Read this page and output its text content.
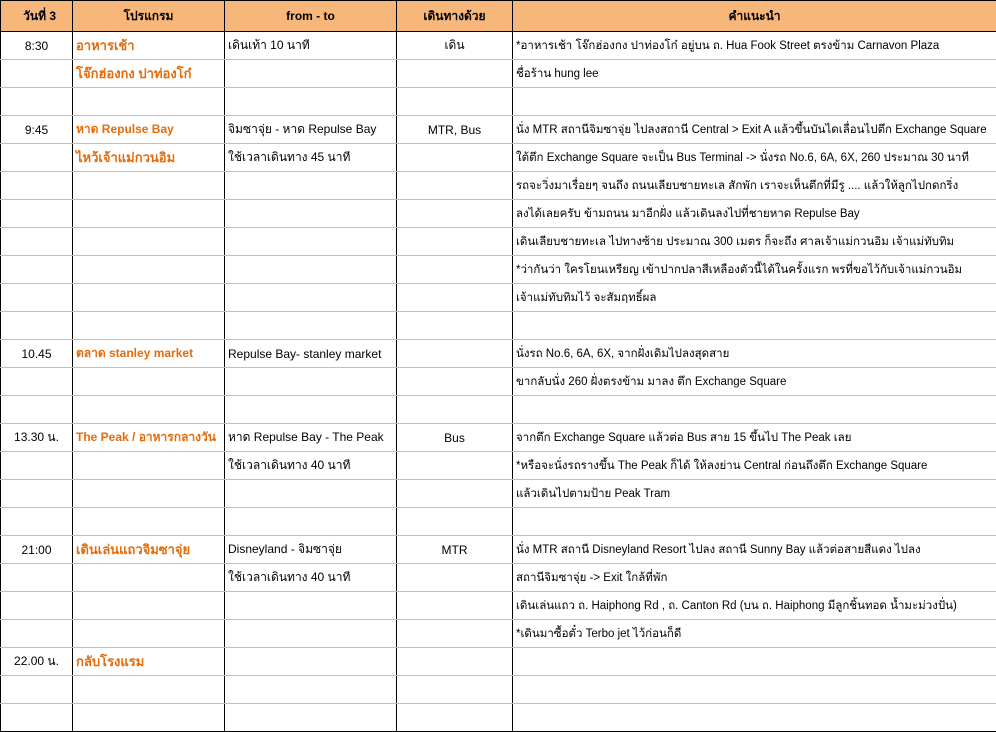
วันที่ 3	โปรแกรม	from - to	เดินทางด้วย	คำแนะนำ
8:30	อาหารเช้า	เดินเท้า 10 นาที	เดิน	*อาหารเช้า โจ๊กฮ่องกง ปาท่องโก๋ อยู่บน ถ. Hua Fook Street ตรงข้าม Carnavon Plaza
	โจ๊กฮ่องกง ปาท่องโก๋			ชื่อร้าน hung lee

9:45	หาด Repulse Bay	จิมซาจุ่ย - หาด Repulse Bay	MTR, Bus	นั่ง MTR สถานีจิมซาจุ่ย ไปลงสถานี Central > Exit A แล้วขึ้นบันไดเลื่อนไปตึก Exchange Square
	ไหว้เจ้าแม่กวนอิม	ใช้เวลาเดินทาง 45 นาที		ใต้ตึก Exchange Square จะเป็น Bus Terminal -> นั่งรถ No.6, 6A, 6X, 260 ประมาณ 30 นาที
				รถจะวิ่งมาเรื่อยๆ จนถึง ถนนเลียบชายทะเล สักพัก เราจะเห็นตึกที่มีรู .... แล้วให้ลูกไปกดกริ่ง
				ลงได้เลยครับ ข้ามถนน มาอีกฝั่ง แล้วเดินลงไปที่ชายหาด Repulse Bay
				เดินเลียบชายทะเล ไปทางซ้าย ประมาณ 300 เมตร ก็จะถึง ศาลเจ้าแม่กวนอิม เจ้าแม่ทับทิม
				*ว่ากันว่า ใครโยนเหรียญ เข้าปากปลาสีเหลืองตัวนี้ได้ในครั้งแรก พรที่ขอไว้กับเจ้าแม่กวนอิม
				เจ้าแม่ทับทิมไว้ จะสัมฤทธิ์ผล

10.45	ตลาด stanley market	Repulse Bay- stanley market		นั่งรถ No.6, 6A, 6X, จากฝั่งเดิมไปลงสุดสาย
				ขากลับนั่ง 260 ฝั่งตรงข้าม มาลง ตึก Exchange Square

13.30 น.	The Peak / อาหารกลางวัน	หาด Repulse Bay - The Peak	Bus	จากตึก Exchange Square แล้วต่อ Bus สาย 15 ขึ้นไป The Peak เลย
		ใช้เวลาเดินทาง 40 นาที		*หรือจะนั่งรถรางขึ้น The Peak ก็ได้ ให้ลงย่าน Central ก่อนถึงตึก Exchange Square
				แล้วเดินไปตามป้าย Peak Tram

21:00	เดินเล่นแถวจิมซาจุ่ย	Disneyland - จิมซาจุ่ย	MTR	นั่ง MTR สถานี Disneyland Resort ไปลง สถานี Sunny Bay แล้วต่อสายสีแดง ไปลง
		ใช้เวลาเดินทาง 40 นาที		สถานีจิมซาจุ่ย -> Exit ใกล้ที่พัก
				เดินเล่นแถว ถ. Haiphong Rd , ถ. Canton Rd (บน ถ. Haiphong มีลูกชิ้นทอด น้ำมะม่วงปั่น)
				*เดินมาซื้อตั๋ว Terbo jet ไว้ก่อนก็ดี
22.00 น.	กลับโรงแรม			
